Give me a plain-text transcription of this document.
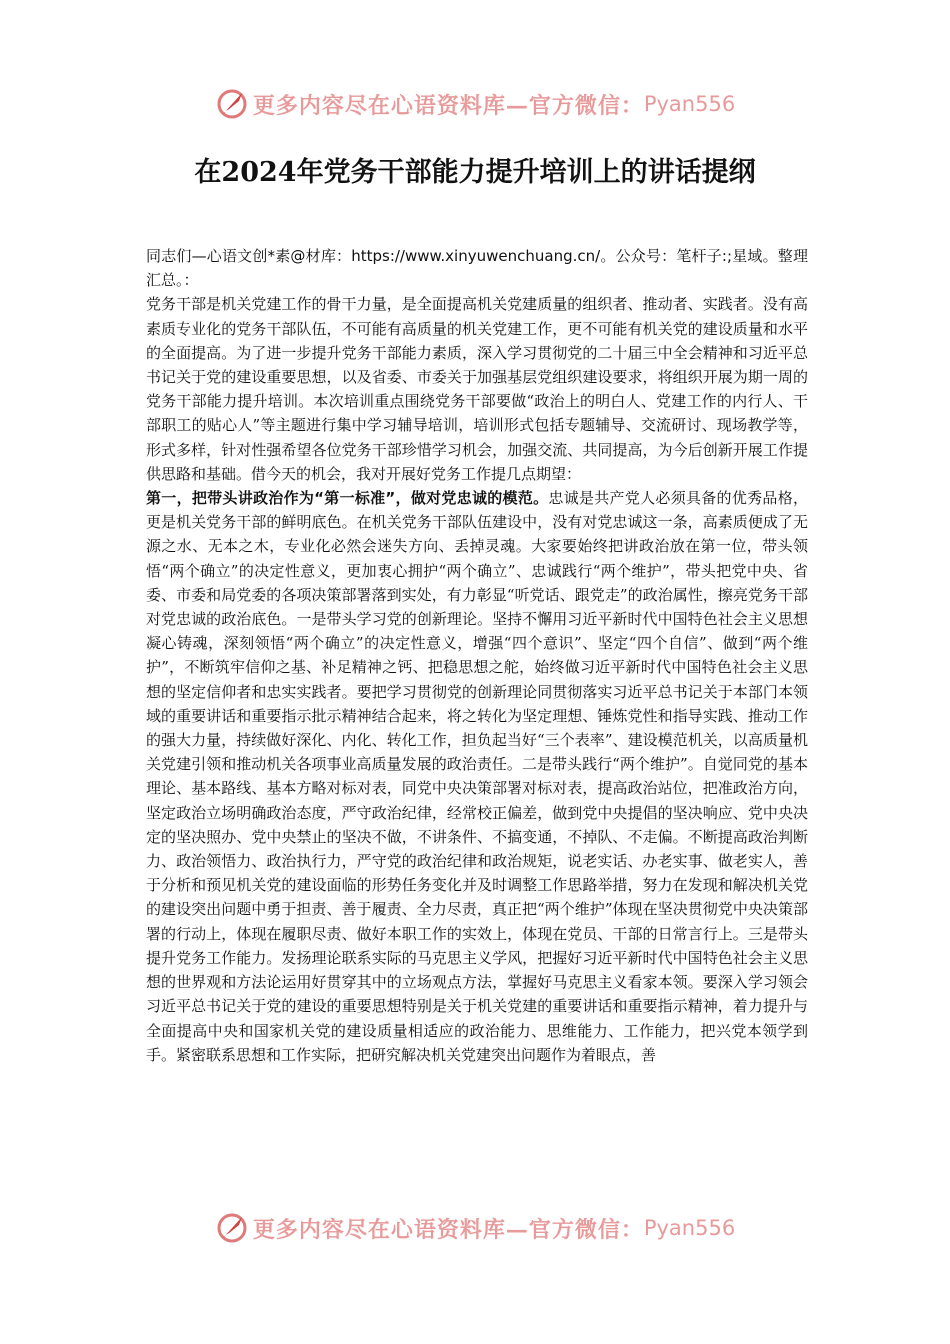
更多内容尽在心语资料库—官方微信： Pyan556
在2024年党务干部能力提升培训上的讲话提纲

同志们—心语文创*素@材库：https://www.xinyuwenchuang.cn/。公众号：笔杆子:;星域。整理汇总。：

党务干部是机关党建工作的骨干力量，是全面提高机关党建质量的组织者、推动者、实践者。没有高素质专业化的党务干部队伍，不可能有高质量的机关党建工作，更不可能有机关党的建设质量和水平的全面提高。为了进一步提升党务干部能力素质，深入学习贯彻党的二十届三中全会精神和习近平总书记关于党的建设重要思想，以及省委、市委关于加强基层党组织建设要求，将组织开展为期一周的党务干部能力提升培训。本次培训重点围绕党务干部要做“政治上的明白人、党建工作的内行人、干部职工的贴心人”等主题进行集中学习辅导培训，培训形式包括专题辅导、交流研讨、现场教学等，形式多样，针对性强希望各位党务干部珍惜学习机会，加强交流、共同提高，为今后创新开展工作提供思路和基础。借今天的机会，我对开展好党务工作提几点期望：

第一，把带头讲政治作为“第一标准”，做对党忠诚的模范。忠诚是共产党人必须具备的优秀品格，更是机关党务干部的鲜明底色。在机关党务干部队伍建设中，没有对党忠诚这一条，高素质便成了无源之水、无本之木，专业化必然会迷失方向、丢掉灵魂。大家要始终把讲政治放在第一位，带头领悟“两个确立”的决定性意义，更加衷心拥护“两个确立”、忠诚践行“两个维护”，带头把党中央、省委、市委和局党委的各项决策部署落到实处，有力彰显“听党话、跟党走”的政治属性，擦亮党务干部对党忠诚的政治底色。一是带头学习党的创新理论。坚持不懈用习近平新时代中国特色社会主义思想凝心铸魂，深刻领悟“两个确立”的决定性意义，增强“四个意识”、坚定“四个自信”、做到“两个维护”，不断筑牢信仰之基、补足精神之钙、把稳思想之舵，始终做习近平新时代中国特色社会主义思想的坚定信仰者和忠实实践者。要把学习贯彻党的创新理论同贯彻落实习近平总书记关于本部门本领域的重要讲话和重要指示批示精神结合起来，将之转化为坚定理想、锤炼党性和指导实践、推动工作的强大力量，持续做好深化、内化、转化工作，担负起当好“三个表率”、建设模范机关，以高质量机关党建引领和推动机关各项事业高质量发展的政治责任。二是带头践行“两个维护”。自觉同党的基本理论、基本路线、基本方略对标对表，同党中央决策部署对标对表，提高政治站位，把准政治方向，坚定政治立场明确政治态度，严守政治纪律，经常校正偏差，做到党中央提倡的坚决响应、党中央决定的坚决照办、党中央禁止的坚决不做，不讲条件、不搞变通，不掉队、不走偏。不断提高政治判断力、政治领悟力、政治执行力，严守党的政治纪律和政治规矩，说老实话、办老实事、做老实人，善于分析和预见机关党的建设面临的形势任务变化并及时调整工作思路举措，努力在发现和解决机关党的建设突出问题中勇于担责、善于履责、全力尽责，真正把“两个维护”体现在坚决贯彻党中央决策部署的行动上，体现在履职尽责、做好本职工作的实效上，体现在党员、干部的日常言行上。三是带头提升党务工作能力。发扬理论联系实际的马克思主义学风，把握好习近平新时代中国特色社会主义思想的世界观和方法论运用好贯穿其中的立场观点方法，掌握好马克思主义看家本领。要深入学习领会习近平总书记关于党的建设的重要思想特别是关于机关党建的重要讲话和重要指示精神，着力提升与全面提高中央和国家机关党的建设质量相适应的政治能力、思维能力、工作能力，把兴党本领学到手。紧密联系思想和工作实际，把研究解决机关党建突出问题作为着眼点，善

更多内容尽在心语资料库—官方微信： Pyan556
